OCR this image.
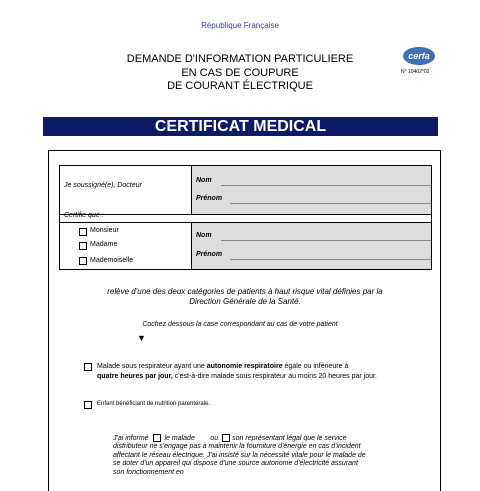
République Française
DEMANDE D'INFORMATION PARTICULIERE
EN CAS DE COUPURE
DE COURANT ÉLECTRIQUE
cerfa
N° 10402*02
CERTIFICAT MEDICAL
Je soussigné(e), Docteur
Nom
Prénom
Certifie que :
Monsieur
Madame
Mademoiselle
Nom
Prénom
relève d'une des deux catégories de patients à haut risque vital définies par la
Direction Générale de la Santé.
Cochez dessous la case correspondant au cas de votre patient
▼
Malade sous respirateur ayant une autonomie respiratoire égale ou inférieure à
quatre heures par jour, c'est-à-dire malade sous respirateur au moins 20 heures par jour.
Enfant bénéficiant de nutrition parentérale.
J'ai informé le malade ou son représentant légal que le service distributeur ne s'engage pas à maintenir la fourniture d'énergie en cas d'incident affectant le réseau électrique. J'ai insisté sur la nécessité vitale pour le malade de se doter d'un appareil qui dispose d'une source autonome d'électricité assurant son fonctionnement en
